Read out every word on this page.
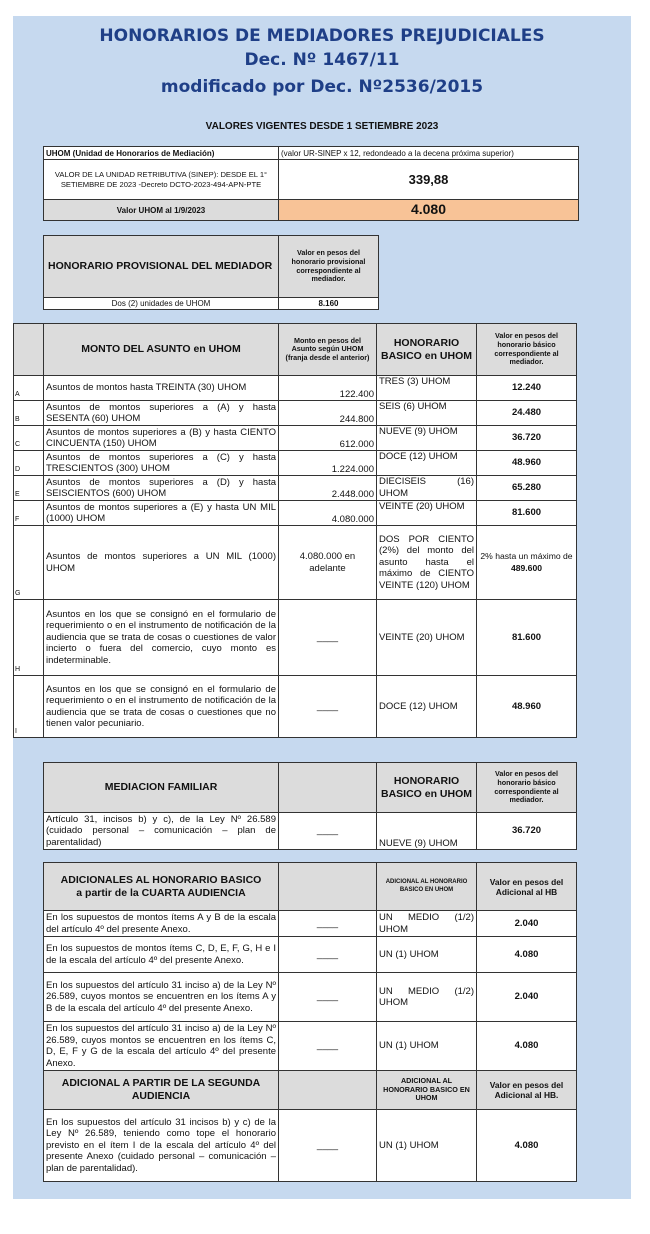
HONORARIOS DE MEDIADORES PREJUDICIALES
Dec. Nº 1467/11
modificado por Dec. Nº2536/2015
VALORES VIGENTES DESDE 1 SETIEMBRE 2023
UHOM (Unidad de Honorarios de Mediación)	(valor UR-SINEP x 12, redondeado a la decena próxima superior)
VALOR DE LA UNIDAD RETRIBUTIVA (SINEP): DESDE EL 1° SETIEMBRE DE 2023 -Decreto DCTO-2023-494-APN-PTE	339,88
Valor UHOM al 1/9/2023	4.080
HONORARIO PROVISIONAL DEL MEDIADOR	Valor en pesos del honorario provisional correspondiente al mediador.
Dos (2) unidades de UHOM	8.160
	MONTO DEL ASUNTO en UHOM	Monto en pesos del Asunto según UHOM (franja desde el anterior)	HONORARIO BASICO en UHOM	Valor en pesos del honorario básico correspondiente al mediador.
A	Asuntos de montos hasta TREINTA (30) UHOM	122.400	TRES (3) UHOM	12.240
B	Asuntos de montos superiores a (A) y hasta SESENTA (60) UHOM	244.800	SEIS (6) UHOM	24.480
C	Asuntos de montos superiores a (B) y hasta CIENTO CINCUENTA (150) UHOM	612.000	NUEVE (9) UHOM	36.720
D	Asuntos de montos superiores a (C) y hasta TRESCIENTOS (300) UHOM	1.224.000	DOCE (12) UHOM	48.960
E	Asuntos de montos superiores a (D) y hasta SEISCIENTOS (600) UHOM	2.448.000	DIECISEIS (16) UHOM	65.280
F	Asuntos de montos superiores a (E) y hasta UN MIL (1000) UHOM	4.080.000	VEINTE (20) UHOM	81.600
G	Asuntos de montos superiores a UN MIL (1000) UHOM	4.080.000 en adelante	DOS POR CIENTO (2%) del monto del asunto hasta el máximo de CIENTO VEINTE (120) UHOM	2% hasta un máximo de 489.600
H	Asuntos en los que se consignó en el formulario de requerimiento o en el instrumento de notificación de la audiencia que se trata de cosas o cuestiones de valor incierto o fuera del comercio, cuyo monto es indeterminable.	____	VEINTE (20) UHOM	81.600
I	Asuntos en los que se consignó en el formulario de requerimiento o en el instrumento de notificación de la audiencia que se trata de cosas o cuestiones que no tienen valor pecuniario.	____	DOCE (12) UHOM	48.960
MEDIACION FAMILIAR		HONORARIO BASICO en UHOM	Valor en pesos del honorario básico correspondiente al mediador.
Artículo 31, incisos b) y c), de la Ley Nº 26.589 (cuidado personal – comunicación – plan de parentalidad)	____	NUEVE (9) UHOM	36.720
ADICIONALES AL HONORARIO BASICO
a partir de la CUARTA AUDIENCIA		ADICIONAL AL HONORARIO BASICO EN UHOM	Valor en pesos del Adicional al HB
En los supuestos de montos ítems A y B de la escala del artículo 4º del presente Anexo.	____	UN MEDIO (1/2) UHOM	2.040
En los supuestos de montos ítems C, D, E, F, G, H e I de la escala del artículo 4º del presente Anexo.	____	UN (1) UHOM	4.080
En los supuestos del artículo 31 inciso a) de la Ley Nº 26.589, cuyos montos se encuentren en los ítems A y B de la escala del artículo 4º del presente Anexo.	____	UN MEDIO (1/2) UHOM	2.040
En los supuestos del artículo 31 inciso a) de la Ley Nº 26.589, cuyos montos se encuentren en los ítems C, D, E, F y G de la escala del artículo 4º del presente Anexo.	____	UN (1) UHOM	4.080
ADICIONAL A PARTIR DE LA SEGUNDA AUDIENCIA		ADICIONAL AL HONORARIO BASICO EN UHOM	Valor en pesos del Adicional al HB.
En los supuestos del artículo 31 incisos b) y c) de la Ley Nº 26.589, teniendo como tope el honorario previsto en el ítem I de la escala del artículo 4º del presente Anexo (cuidado personal – comunicación – plan de parentalidad).	____	UN (1) UHOM	4.080
